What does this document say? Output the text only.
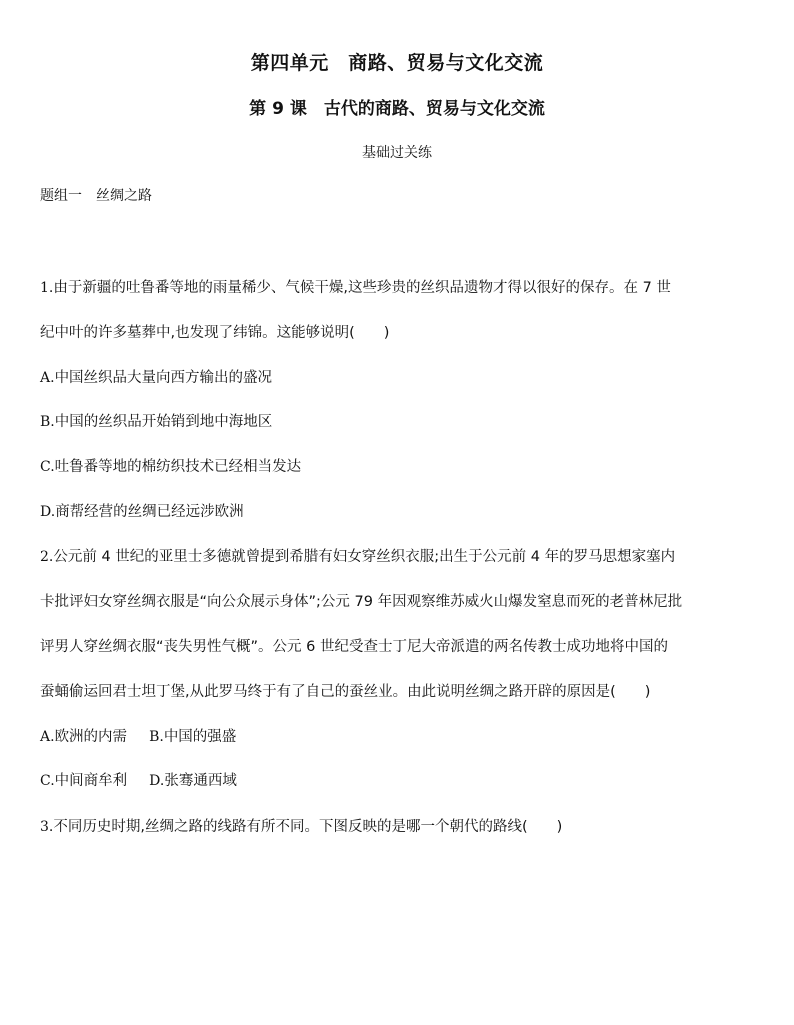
第四单元　商路、贸易与文化交流
第 9 课　古代的商路、贸易与文化交流
基础过关练
题组一　丝绸之路
1.由于新疆的吐鲁番等地的雨量稀少、气候干燥,这些珍贵的丝织品遗物才得以很好的保存。在 7 世
纪中叶的许多墓葬中,也发现了纬锦。这能够说明(　　)
A.中国丝织品大量向西方输出的盛况
B.中国的丝织品开始销到地中海地区
C.吐鲁番等地的棉纺织技术已经相当发达
D.商帮经营的丝绸已经远涉欧洲
2.公元前 4 世纪的亚里士多德就曾提到希腊有妇女穿丝织衣服;出生于公元前 4 年的罗马思想家塞内
卡批评妇女穿丝绸衣服是“向公众展示身体”;公元 79 年因观察维苏威火山爆发窒息而死的老普林尼批
评男人穿丝绸衣服“丧失男性气概”。公元 6 世纪受查士丁尼大帝派遣的两名传教士成功地将中国的
蚕蛹偷运回君士坦丁堡,从此罗马终于有了自己的蚕丝业。由此说明丝绸之路开辟的原因是(　　)
A.欧洲的内需 B.中国的强盛
C.中间商牟利 D.张骞通西域
3.不同历史时期,丝绸之路的线路有所不同。下图反映的是哪一个朝代的路线(　　)
